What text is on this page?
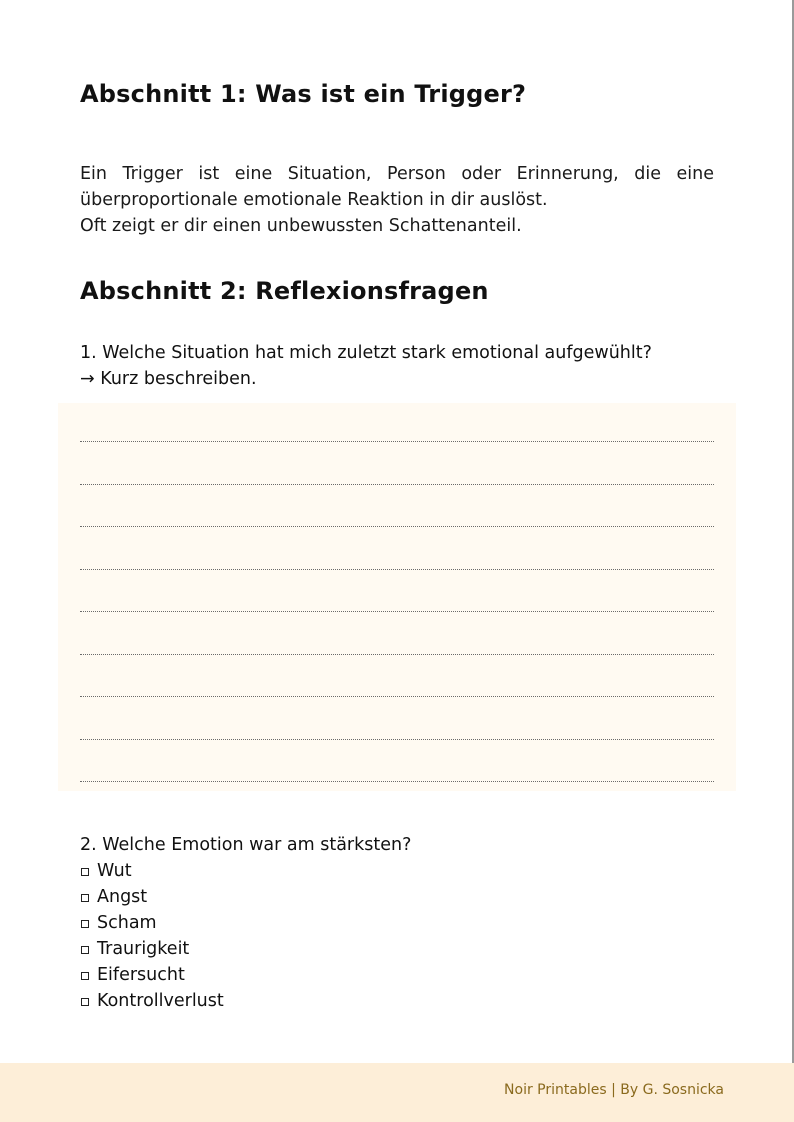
Abschnitt 1: Was ist ein Trigger?

Ein Trigger ist eine Situation, Person oder Erinnerung, die eine überproportionale emotionale Reaktion in dir auslöst.

Oft zeigt er dir einen unbewussten Schattenanteil.

Abschnitt 2: Reflexionsfragen

1. Welche Situation hat mich zuletzt stark emotional aufgewühlt?

→ Kurz beschreiben.

2. Welche Emotion war am stärksten?

Wut
Angst
Scham
Traurigkeit
Eifersucht
Kontrollverlust
Noir Printables | By G. Sosnicka
